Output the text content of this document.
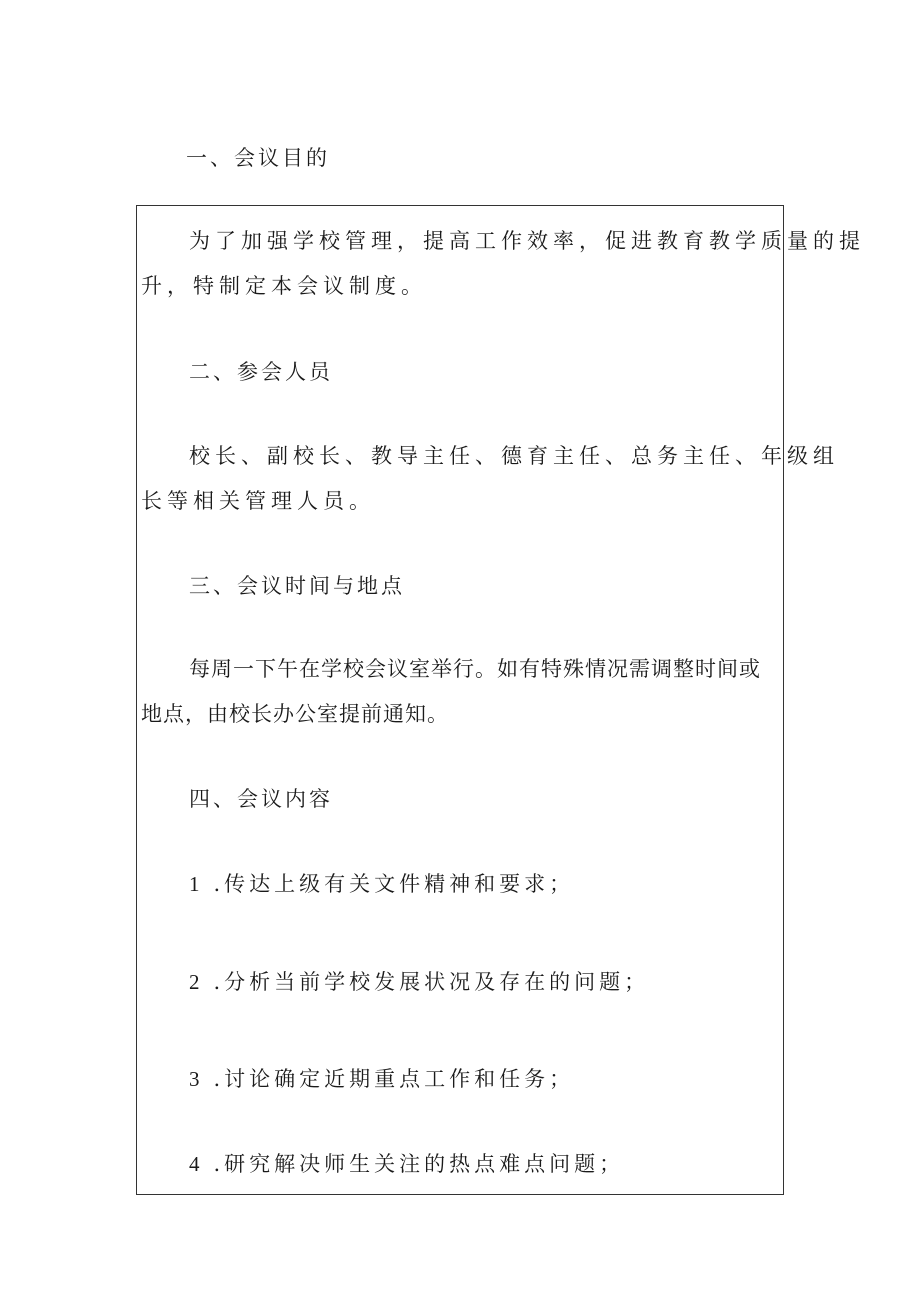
一、会议目的
为了加强学校管理，提高工作效率，促进教育教学质量的提
升，特制定本会议制度。
二、参会人员
校长、副校长、教导主任、德育主任、总务主任、年级组
长等相关管理人员。
三、会议时间与地点
每周一下午在学校会议室举行。如有特殊情况需调整时间或
地点，由校长办公室提前通知。
四、会议内容
1 .传达上级有关文件精神和要求；
2 .分析当前学校发展状况及存在的问题；
3 .讨论确定近期重点工作和任务；
4 .研究解决师生关注的热点难点问题；
